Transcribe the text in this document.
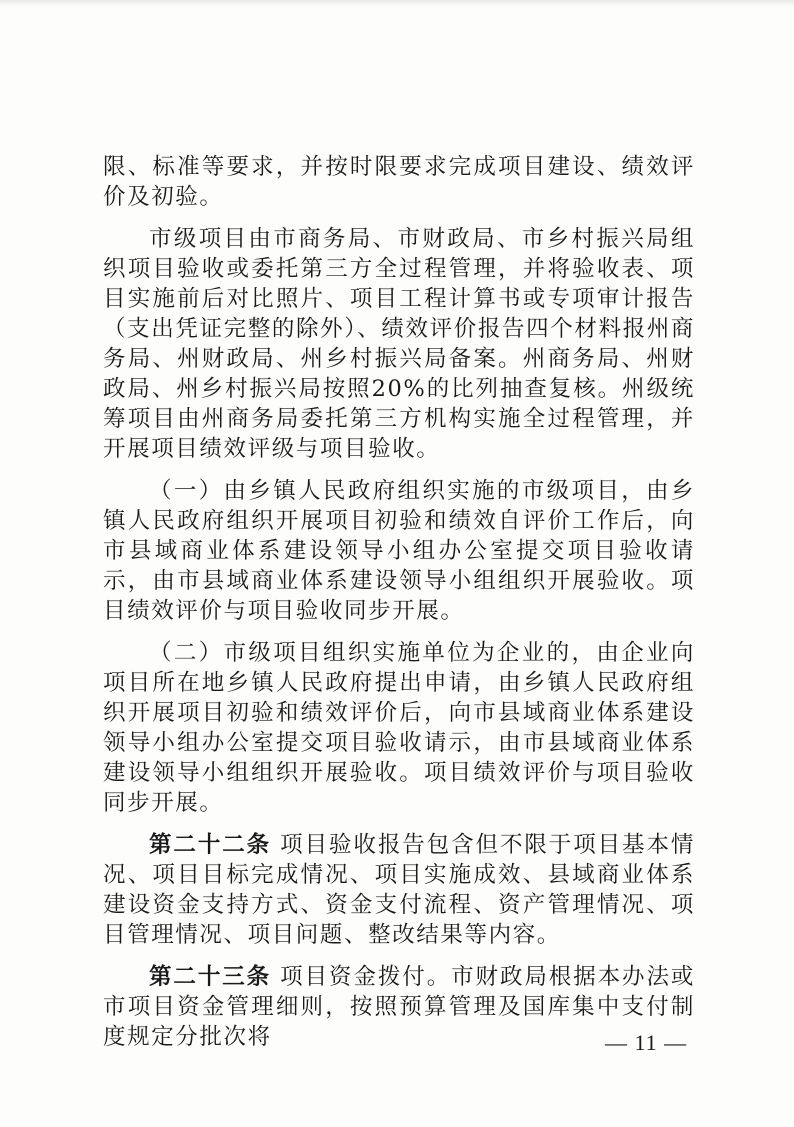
限、标准等要求，并按时限要求完成项目建设、绩效评价及初验。

市级项目由市商务局、市财政局、市乡村振兴局组织项目验收或委托第三方全过程管理，并将验收表、项目实施前后对比照片、项目工程计算书或专项审计报告（支出凭证完整的除外）、绩效评价报告四个材料报州商务局、州财政局、州乡村振兴局备案。州商务局、州财政局、州乡村振兴局按照20%的比列抽查复核。州级统筹项目由州商务局委托第三方机构实施全过程管理，并开展项目绩效评级与项目验收。

（一）由乡镇人民政府组织实施的市级项目，由乡镇人民政府组织开展项目初验和绩效自评价工作后，向市县域商业体系建设领导小组办公室提交项目验收请示，由市县域商业体系建设领导小组组织开展验收。项目绩效评价与项目验收同步开展。

（二）市级项目组织实施单位为企业的，由企业向项目所在地乡镇人民政府提出申请，由乡镇人民政府组织开展项目初验和绩效评价后，向市县域商业体系建设领导小组办公室提交项目验收请示，由市县域商业体系建设领导小组组织开展验收。项目绩效评价与项目验收同步开展。

第二十二条 项目验收报告包含但不限于项目基本情况、项目目标完成情况、项目实施成效、县域商业体系建设资金支持方式、资金支付流程、资产管理情况、项目管理情况、项目问题、整改结果等内容。

第二十三条 项目资金拨付。市财政局根据本办法或市项目资金管理细则，按照预算管理及国库集中支付制度规定分批次将	— 11 —
